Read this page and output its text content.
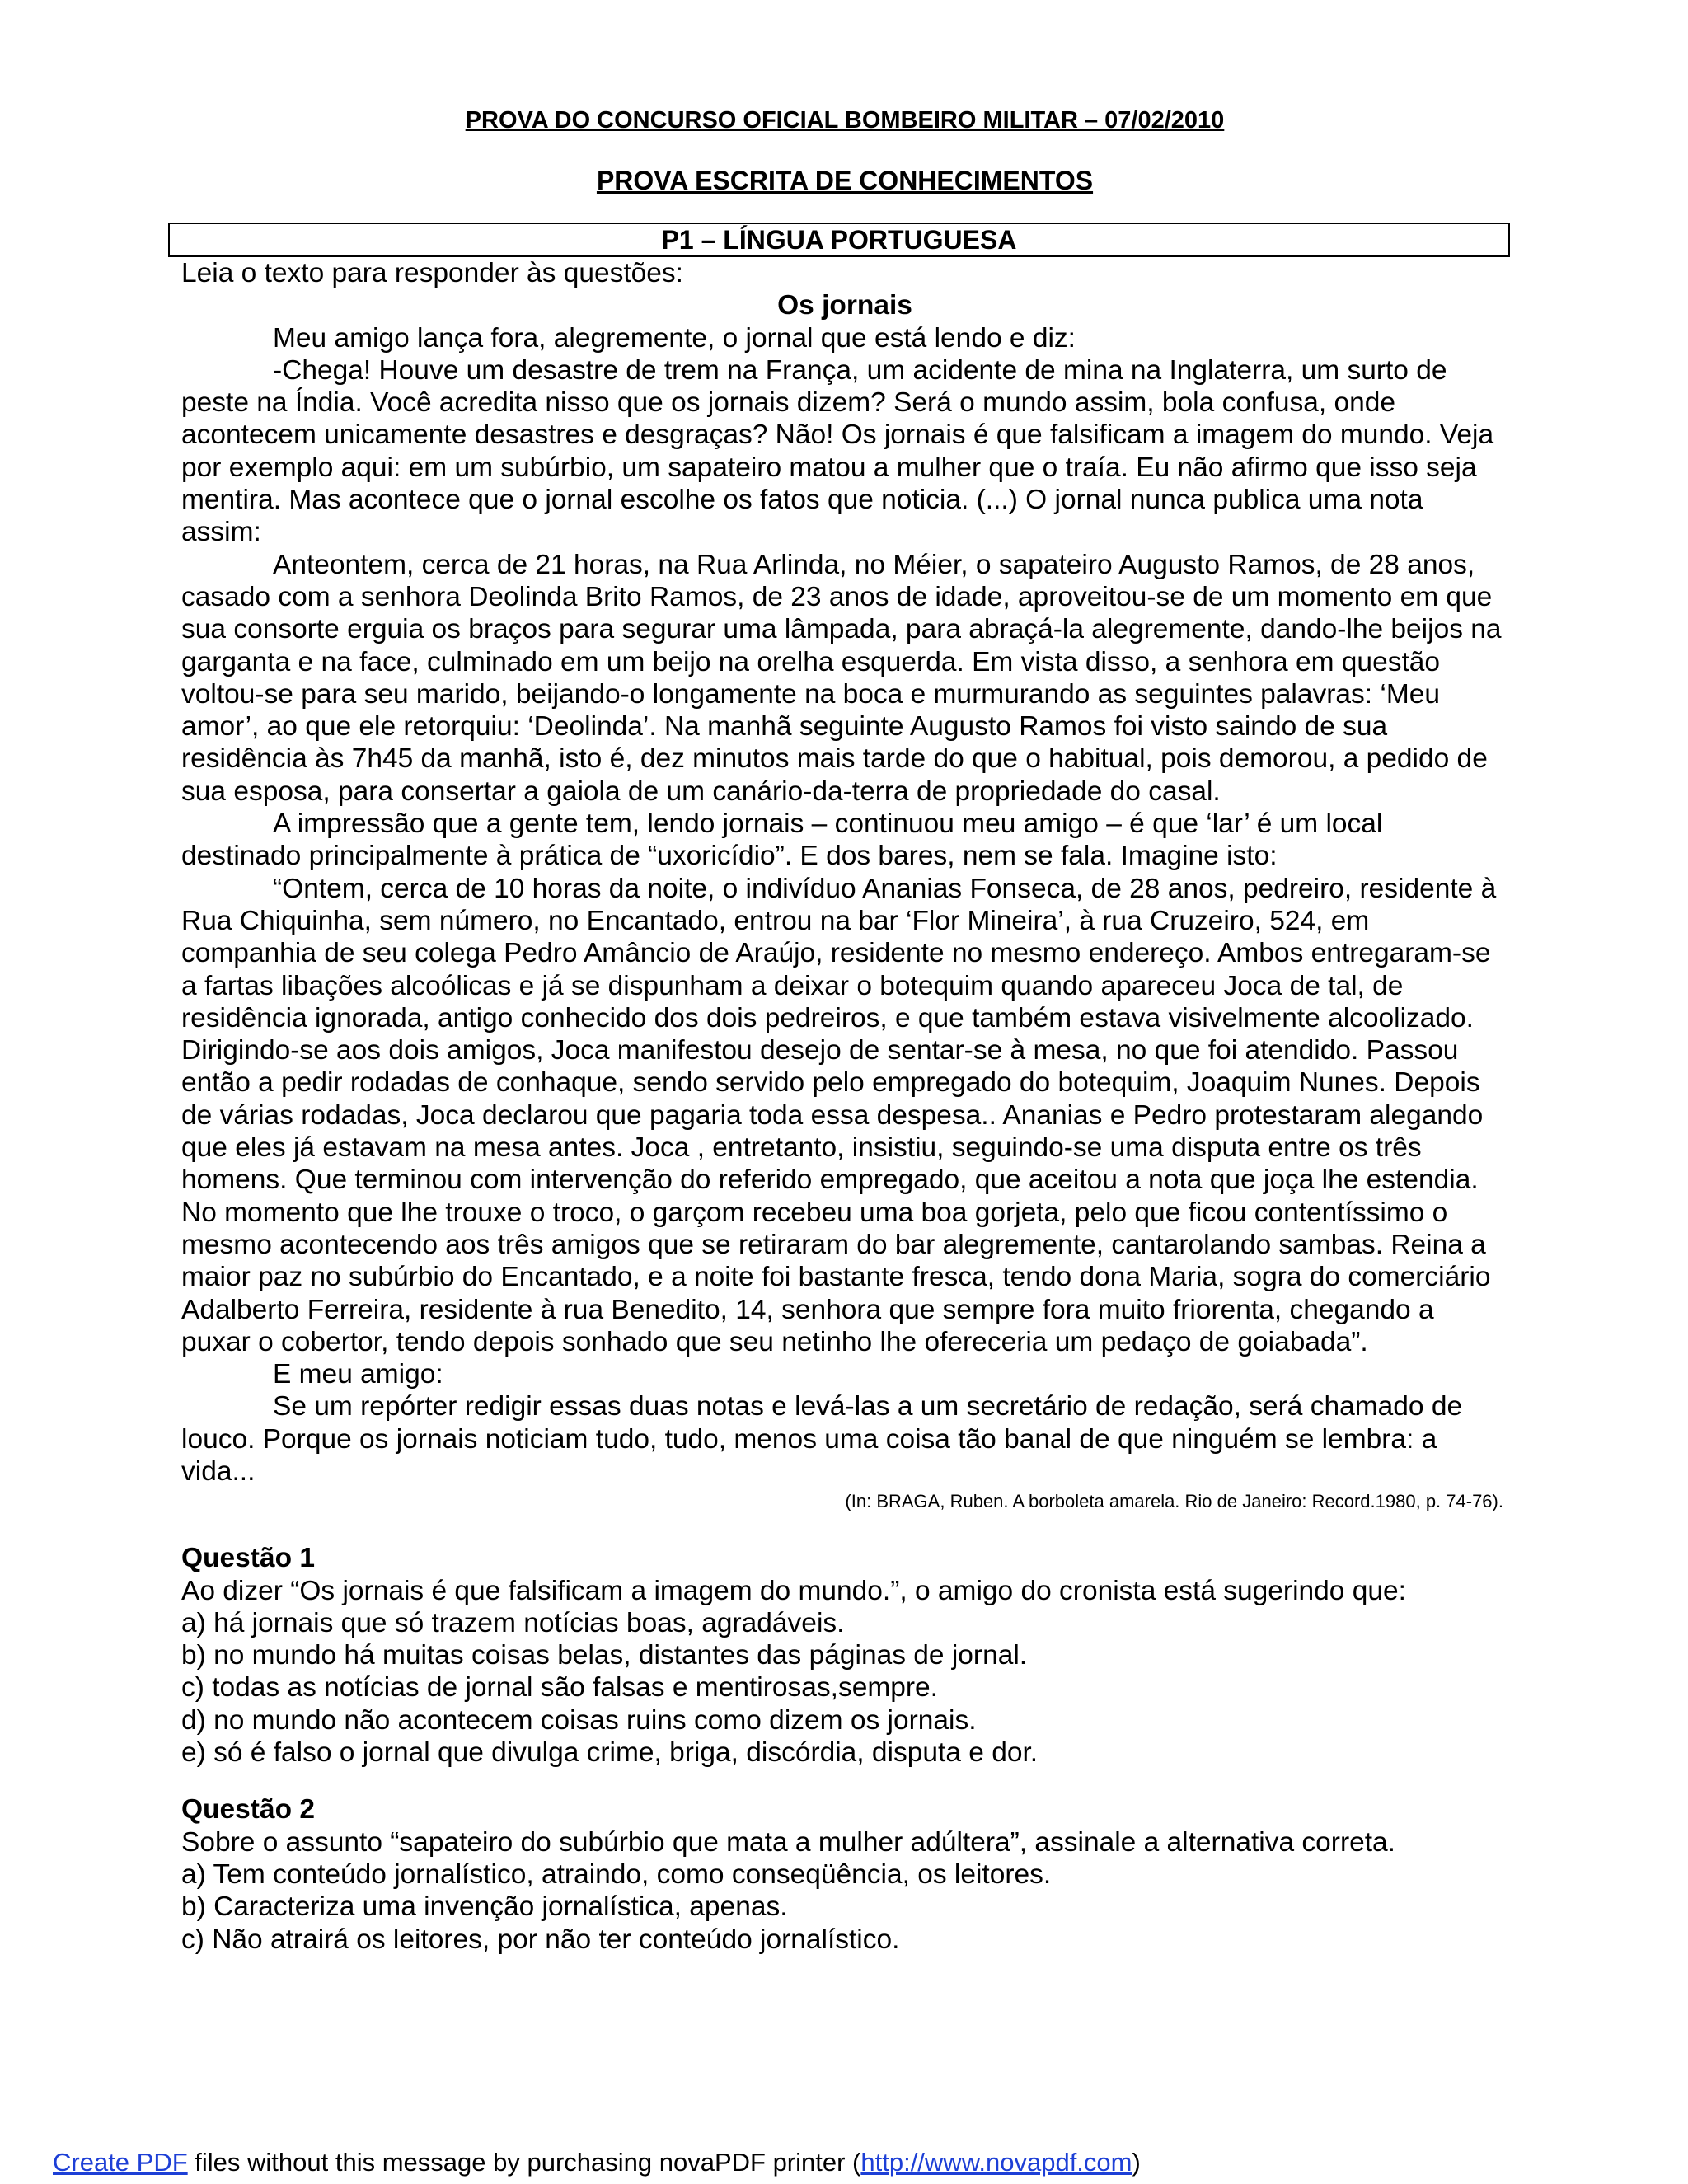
PROVA DO CONCURSO OFICIAL BOMBEIRO MILITAR – 07/02/2010
PROVA ESCRITA DE CONHECIMENTOS
P1 – LÍNGUA PORTUGUESA

Leia o texto para responder às questões:

Os jornais

Meu amigo lança fora, alegremente, o jornal que está lendo e diz:

-Chega! Houve um desastre de trem na França, um acidente de mina na Inglaterra, um surto de peste na Índia. Você acredita nisso que os jornais dizem? Será o mundo assim, bola confusa, onde acontecem unicamente desastres e desgraças? Não! Os jornais é que falsificam a imagem do mundo. Veja por exemplo aqui: em um subúrbio, um sapateiro matou a mulher que o traía. Eu não afirmo que isso seja mentira. Mas acontece que o jornal escolhe os fatos que noticia. (...) O jornal nunca publica uma nota assim:

Anteontem, cerca de 21 horas, na Rua Arlinda, no Méier, o sapateiro Augusto Ramos, de 28 anos, casado com a senhora Deolinda Brito Ramos, de 23 anos de idade, aproveitou-se de um momento em que sua consorte erguia os braços para segurar uma lâmpada, para abraçá-la alegremente, dando-lhe beijos na garganta e na face, culminado em um beijo na orelha esquerda. Em vista disso, a senhora em questão voltou-se para seu marido, beijando-o longamente na boca e murmurando as seguintes palavras: ‘Meu amor’, ao que ele retorquiu: ‘Deolinda’. Na manhã seguinte Augusto Ramos foi visto saindo de sua residência às 7h45 da manhã, isto é, dez minutos mais tarde do que o habitual, pois demorou, a pedido de sua esposa, para consertar a gaiola de um canário-da-terra de propriedade do casal.

A impressão que a gente tem, lendo jornais – continuou meu amigo – é que ‘lar’ é um local destinado principalmente à prática de “uxoricídio”. E dos bares, nem se fala. Imagine isto:

“Ontem, cerca de 10 horas da noite, o indivíduo Ananias Fonseca, de 28 anos, pedreiro, residente à Rua Chiquinha, sem número, no Encantado, entrou na bar ‘Flor Mineira’, à rua Cruzeiro, 524, em companhia de seu colega Pedro Amâncio de Araújo, residente no mesmo endereço. Ambos entregaram-se a fartas libações alcoólicas e já se dispunham a deixar o botequim quando apareceu Joca de tal, de residência ignorada, antigo conhecido dos dois pedreiros, e que também estava visivelmente alcoolizado. Dirigindo-se aos dois amigos, Joca manifestou desejo de sentar-se à mesa, no que foi atendido. Passou então a pedir rodadas de conhaque, sendo servido pelo empregado do botequim, Joaquim Nunes. Depois de várias rodadas, Joca declarou que pagaria toda essa despesa.. Ananias e Pedro protestaram alegando que eles já estavam na mesa antes. Joca , entretanto, insistiu, seguindo-se uma disputa entre os três homens. Que terminou com intervenção do referido empregado, que aceitou a nota que joça lhe estendia. No momento que lhe trouxe o troco, o garçom recebeu uma boa gorjeta, pelo que ficou contentíssimo o mesmo acontecendo aos três amigos que se retiraram do bar alegremente, cantarolando sambas. Reina a maior paz no subúrbio do Encantado, e a noite foi bastante fresca, tendo dona Maria, sogra do comerciário Adalberto Ferreira, residente à rua Benedito, 14, senhora que sempre fora muito friorenta, chegando a puxar o cobertor, tendo depois sonhado que seu netinho lhe ofereceria um pedaço de goiabada”.

E meu amigo:

Se um repórter redigir essas duas notas e levá-las a um secretário de redação, será chamado de louco. Porque os jornais noticiam tudo, tudo, menos uma coisa tão banal de que ninguém se lembra: a vida...

(In: BRAGA, Ruben. A borboleta amarela. Rio de Janeiro: Record.1980, p. 74-76).

Questão 1

Ao dizer “Os jornais é que falsificam a imagem do mundo.”, o amigo do cronista está sugerindo que:

a) há jornais que só trazem notícias boas, agradáveis.

b) no mundo há muitas coisas belas, distantes das páginas de jornal.

c) todas as notícias de jornal são falsas e mentirosas,sempre.

d) no mundo não acontecem coisas ruins como dizem os jornais.

e) só é falso o jornal que divulga crime, briga, discórdia, disputa e dor.

Questão 2

Sobre o assunto “sapateiro do subúrbio que mata a mulher adúltera”, assinale a alternativa correta.

a) Tem conteúdo jornalístico, atraindo, como conseqüência, os leitores.

b) Caracteriza uma invenção jornalística, apenas.

c) Não atrairá os leitores, por não ter conteúdo jornalístico.

Create PDF files without this message by purchasing novaPDF printer (http://www.novapdf.com)
